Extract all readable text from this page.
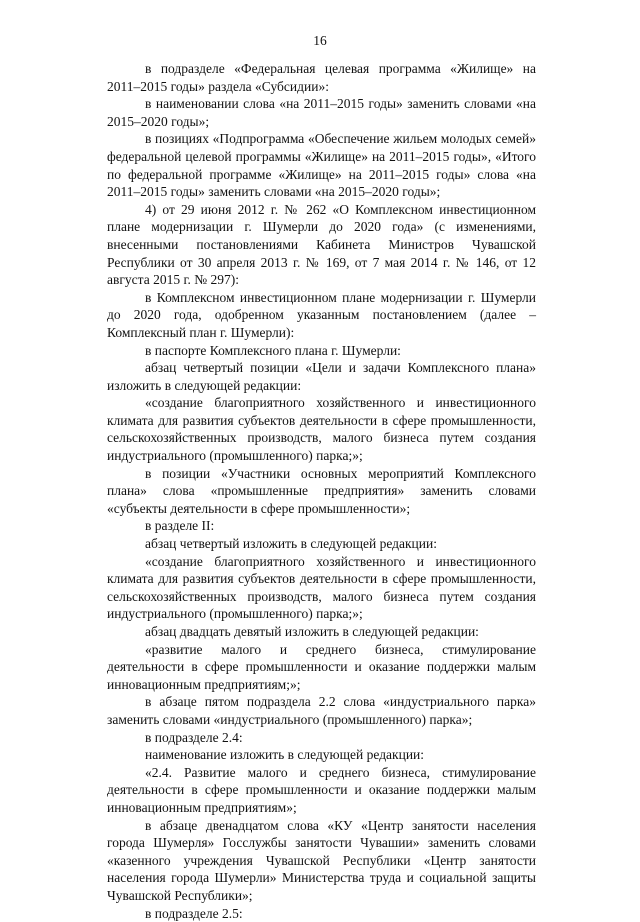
16

в подразделе «Федеральная целевая программа «Жилище» на 2011–2015 годы» раздела «Субсидии»:

в наименовании слова «на 2011–2015 годы» заменить словами «на 2015–2020 годы»;

в позициях «Подпрограмма «Обеспечение жильем молодых семей» федеральной целевой программы «Жилище» на 2011–2015 годы», «Итого по федеральной программе «Жилище» на 2011–2015 годы» слова «на 2011–2015 годы» заменить словами «на 2015–2020 годы»;

4) от 29 июня 2012 г. № 262 «О Комплексном инвестиционном плане модернизации г. Шумерли до 2020 года» (с изменениями, внесенными постановлениями Кабинета Министров Чувашской Республики от 30 апреля 2013 г. № 169, от 7 мая 2014 г. № 146, от 12 августа 2015 г. № 297):

в Комплексном инвестиционном плане модернизации г. Шумерли до 2020 года, одобренном указанным постановлением (далее – Комплексный план г. Шумерли):

в паспорте Комплексного плана г. Шумерли:

абзац четвертый позиции «Цели и задачи Комплексного плана» изложить в следующей редакции:

«создание благоприятного хозяйственного и инвестиционного климата для развития субъектов деятельности в сфере промышленности, сельскохозяйственных производств, малого бизнеса путем создания индустриального (промышленного) парка;»;

в позиции «Участники основных мероприятий Комплексного плана» слова «промышленные предприятия» заменить словами «субъекты деятельности в сфере промышленности»;

в разделе II:

абзац четвертый изложить в следующей редакции:

«создание благоприятного хозяйственного и инвестиционного климата для развития субъектов деятельности в сфере промышленности, сельскохозяйственных производств, малого бизнеса путем создания индустриального (промышленного) парка;»;

абзац двадцать девятый изложить в следующей редакции:

«развитие малого и среднего бизнеса, стимулирование деятельности в сфере промышленности и оказание поддержки малым инновационным предприятиям;»;

в абзаце пятом подраздела 2.2 слова «индустриального парка» заменить словами «индустриального (промышленного) парка»;

в подразделе 2.4:

наименование изложить в следующей редакции:

«2.4. Развитие малого и среднего бизнеса, стимулирование деятельности в сфере промышленности и оказание поддержки малым инновационным предприятиям»;

в абзаце двенадцатом слова «КУ «Центр занятости населения города Шумерля» Госслужбы занятости Чувашии» заменить словами «казенного учреждения Чувашской Республики «Центр занятости населения города Шумерли» Министерства труда и социальной защиты Чувашской Республики»;

в подразделе 2.5:
